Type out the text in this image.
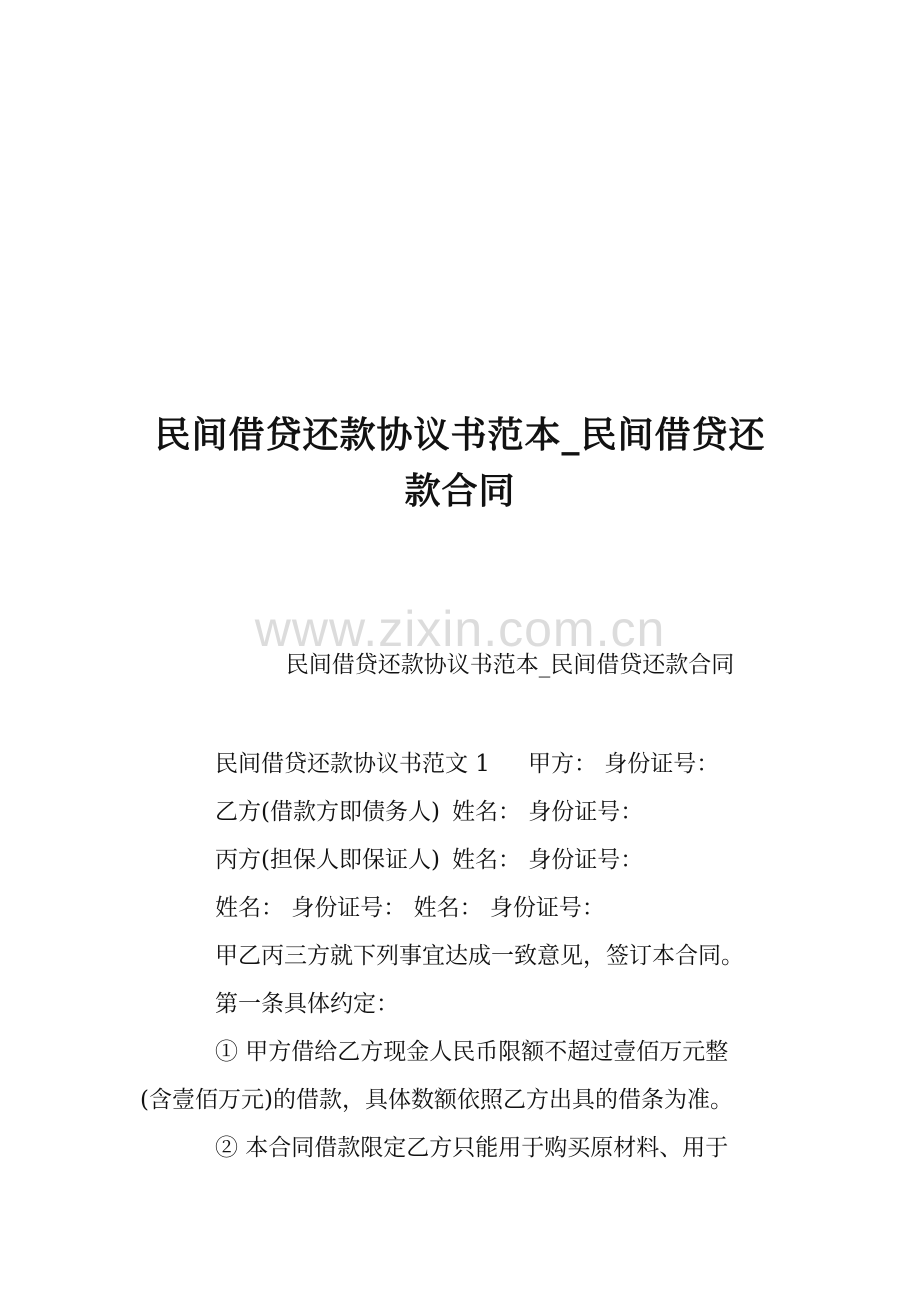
民间借贷还款协议书范本_民间借贷还
款合同
www.zixin.com.cn
民间借贷还款协议书范本_民间借贷还款合同

民间借贷还款协议书范文 1 甲方： 身份证号：

乙方(借款方即债务人) 姓名： 身份证号：

丙方(担保人即保证人) 姓名： 身份证号：

姓名： 身份证号： 姓名： 身份证号：

甲乙丙三方就下列事宜达成一致意见，签订本合同。

第一条具体约定：

① 甲方借给乙方现金人民币限额不超过壹佰万元整

(含壹佰万元)的借款，具体数额依照乙方出具的借条为准。

② 本合同借款限定乙方只能用于购买原材料、用于
